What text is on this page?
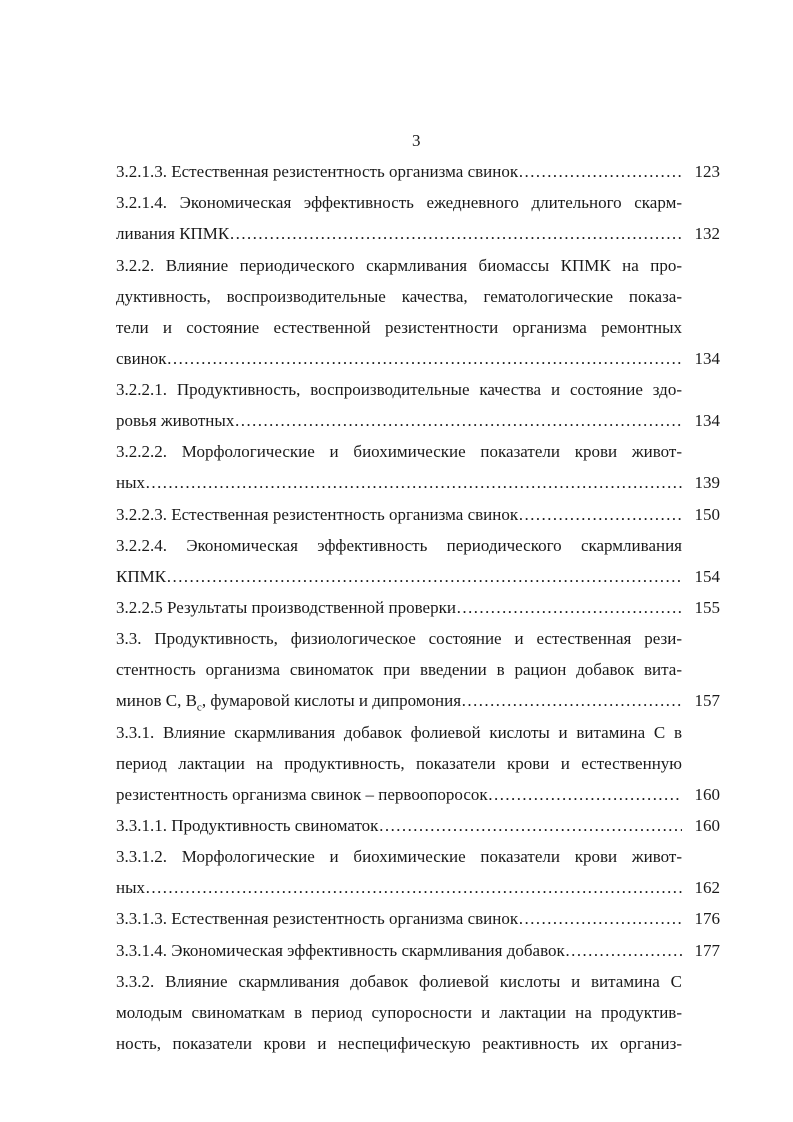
3
3.2.1.3. Естественная резистентность организма свинок ……………………………………………………………………………………………………………………………………	123
3.2.1.4. Экономическая эффективность ежедневного длительного скарм-
ливания КПМК ……………………………………………………………………………………………………………………………………	132
3.2.2. Влияние периодического скармливания биомассы КПМК на про-
дуктивность, воспроизводительные качества, гематологические показа-
тели и состояние естественной резистентности организма ремонтных
свинок ……………………………………………………………………………………………………………………………………	134
3.2.2.1. Продуктивность, воспроизводительные качества и состояние здо-
ровья животных ……………………………………………………………………………………………………………………………………	134
3.2.2.2. Морфологические и биохимические показатели крови живот-
ных ……………………………………………………………………………………………………………………………………	139
3.2.2.3. Естественная резистентность организма свинок ……………………………………………………………………………………………………………………………………	150
3.2.2.4. Экономическая эффективность периодического скармливания
КПМК ……………………………………………………………………………………………………………………………………	154
3.2.2.5 Результаты производственной проверки ……………………………………………………………………………………………………………………………………	155
3.3. Продуктивность, физиологическое состояние и естественная рези-
стентность организма свиноматок при введении в рацион добавок вита-
минов С, $B_c$, фумаровой кислоты и дипромония ……………………………………………………………………………………………………………………………………	157
3.3.1. Влияние скармливания добавок фолиевой кислоты и витамина С в
период лактации на продуктивность, показатели крови и естественную
резистентность организма свинок – первоопоросок ……………………………………………………………………………………………………………………………………	160
3.3.1.1. Продуктивность свиноматок ……………………………………………………………………………………………………………………………………	160
3.3.1.2. Морфологические и биохимические показатели крови живот-
ных ……………………………………………………………………………………………………………………………………	162
3.3.1.3. Естественная резистентность организма свинок ……………………………………………………………………………………………………………………………………	176
3.3.1.4. Экономическая эффективность скармливания добавок ……………………………………………………………………………………………………………………………………	177
3.3.2. Влияние скармливания добавок фолиевой кислоты и витамина С
молодым свиноматкам в период супоросности и лактации на продуктив-
ность, показатели крови и неспецифическую реактивность их организ-
